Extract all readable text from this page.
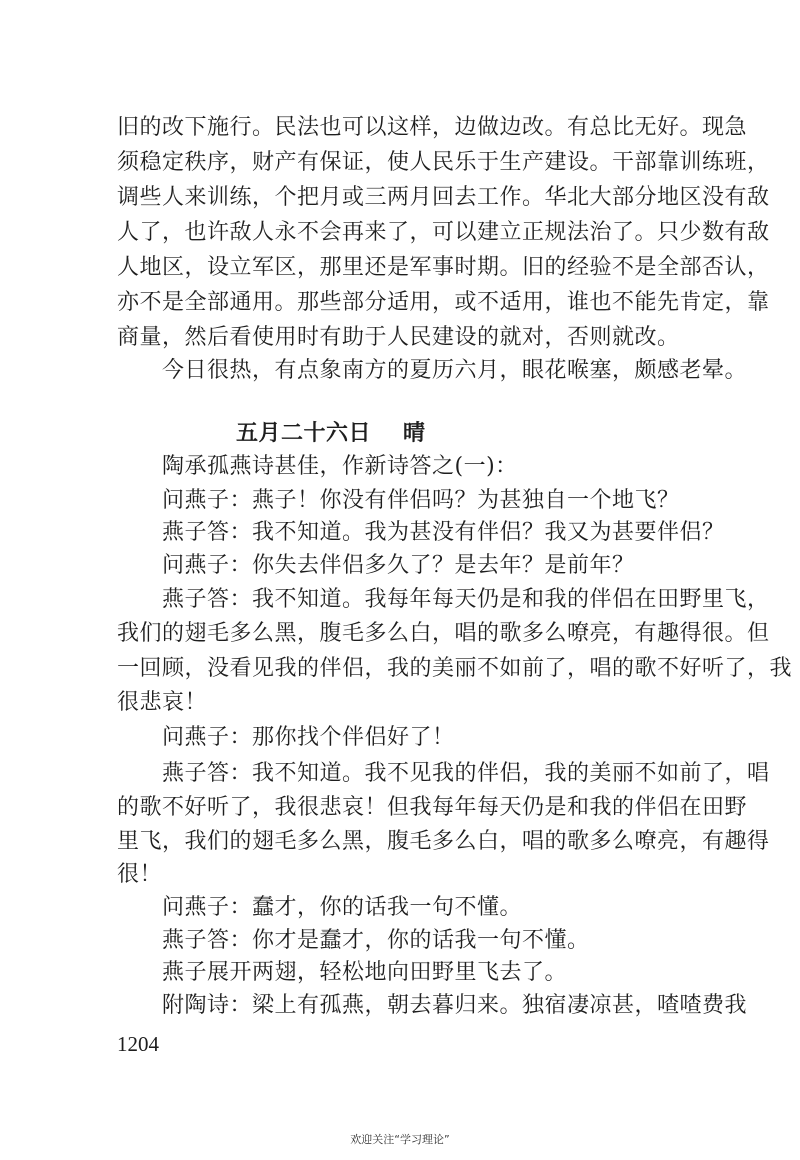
旧的改下施行。民法也可以这样，边做边改。有总比无好。现急
须稳定秩序，财产有保证，使人民乐于生产建设。干部靠训练班，
调些人来训练，个把月或三两月回去工作。华北大部分地区没有敌
人了，也许敌人永不会再来了，可以建立正规法治了。只少数有敌
人地区，设立军区，那里还是军事时期。旧的经验不是全部否认，
亦不是全部通用。那些部分适用，或不适用，谁也不能先肯定，靠
商量，然后看使用时有助于人民建设的就对，否则就改。
　　今日很热，有点象南方的夏历六月，眼花喉塞，颇感老晕。
五月二十六日 晴
　　陶承孤燕诗甚佳，作新诗答之(一)：
　　问燕子：燕子！你没有伴侣吗？为甚独自一个地飞？
　　燕子答：我不知道。我为甚没有伴侣？我又为甚要伴侣？
　　问燕子：你失去伴侣多久了？是去年？是前年？
　　燕子答：我不知道。我每年每天仍是和我的伴侣在田野里飞，
我们的翅毛多么黑，腹毛多么白，唱的歌多么嘹亮，有趣得很。但
一回顾，没看见我的伴侣，我的美丽不如前了，唱的歌不好听了，我
很悲哀！
　　问燕子：那你找个伴侣好了！
　　燕子答：我不知道。我不见我的伴侣，我的美丽不如前了，唱
的歌不好听了，我很悲哀！但我每年每天仍是和我的伴侣在田野
里飞，我们的翅毛多么黑，腹毛多么白，唱的歌多么嘹亮，有趣得
很！
　　问燕子：蠢才，你的话我一句不懂。
　　燕子答：你才是蠢才，你的话我一句不懂。
　　燕子展开两翅，轻松地向田野里飞去了。
　　附陶诗：梁上有孤燕，朝去暮归来。独宿凄凉甚，喳喳费我
1204
欢迎关注“学习理论”
